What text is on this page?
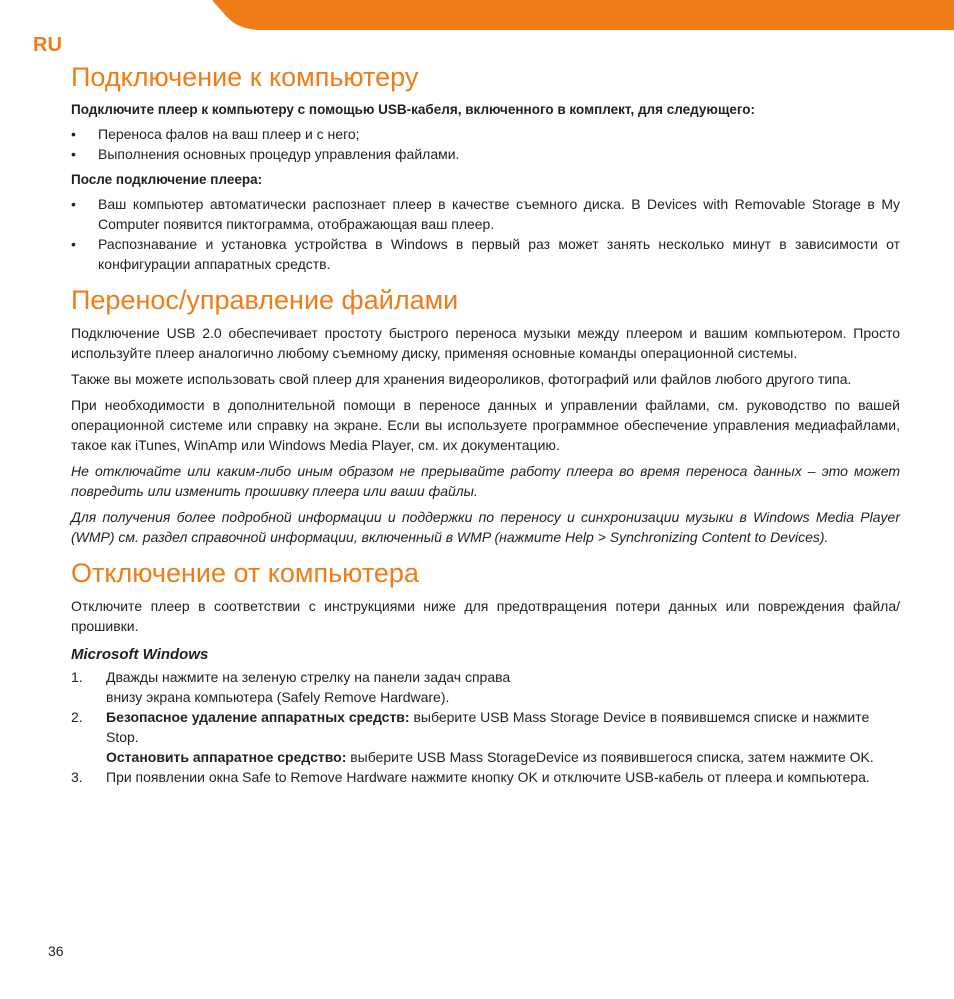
RU
Подключение к компьютеру

Подключите плеер к компьютеру с помощью USB-кабеля, включенного в комплект, для следующего:

• Переноса фалов на ваш плеер и с него;
• Выполнения основных процедур управления файлами.

После подключение плеера:

• Ваш компьютер автоматически распознает плеер в качестве съемного диска. В Devices with Removable Storage в My Computer появится пиктограмма, отображающая ваш плеер.
• Распознавание и установка устройства в Windows в первый раз может занять несколько минут в зависимости от конфигурации аппаратных средств.
Перенос/управление файлами

Подключение USB 2.0 обеспечивает простоту быстрого переноса музыки между плеером и вашим компьютером. Просто используйте плеер аналогично любому съемному диску, применяя основные команды операционной системы.

Также вы можете использовать свой плеер для хранения видеороликов, фотографий или файлов любого другого типа.

При необходимости в дополнительной помощи в переносе данных и управлении файлами, см. руководство по вашей операционной системе или справку на экране. Если вы используете программное обеспечение управления медиафайлами, такое как iTunes, WinAmp или Windows Media Player, см. их документацию.

Не отключайте или каким-либо иным образом не прерывайте работу плеера во время переноса данных – это может повредить или изменить прошивку плеера или ваши файлы.

Для получения более подробной информации и поддержки по переносу и синхронизации музыки в Windows Media Player (WMP) см. раздел справочной информации, включенный в WMP (нажмите Help > Synchronizing Content to Devices).

Отключение от компьютера

Отключите плеер в соответствии с инструкциями ниже для предотвращения потери данных или повреждения файла/прошивки.

Microsoft Windows
1. Дважды нажмите на зеленую стрелку на панели задач справа
внизу экрана компьютера (Safely Remove Hardware).
2. Безопасное удаление аппаратных средств: выберите USB Mass Storage Device в появившемся списке и нажмите Stop.
Остановить аппаратное средство: выберите USB Mass StorageDevice из появившегося списка, затем нажмите OK.
3. При появлении окна Safe to Remove Hardware нажмите кнопку OK и отключите USB-кабель от плеера и компьютера.
36
